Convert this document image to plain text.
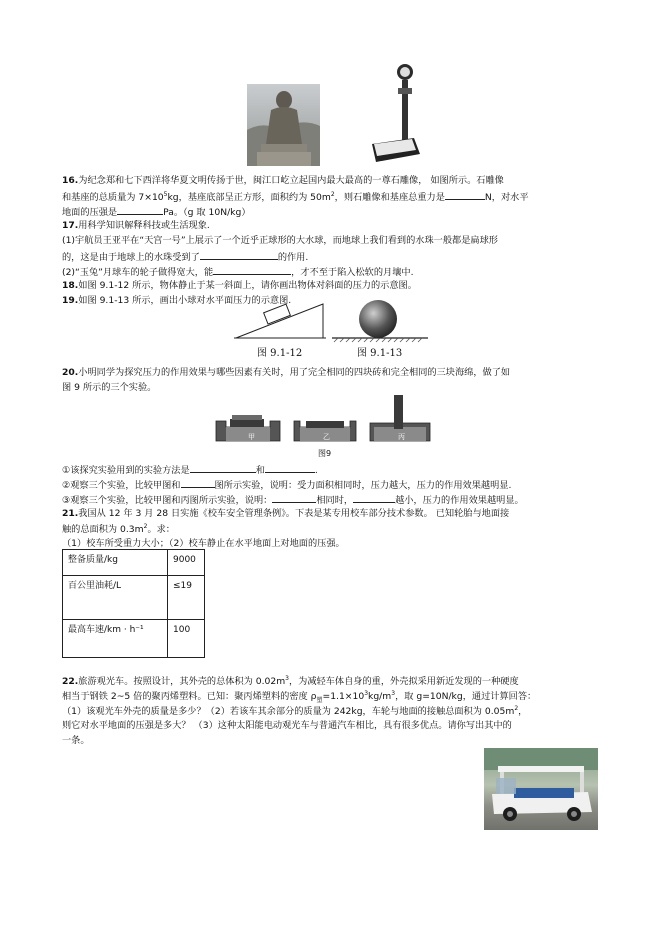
16.为纪念郑和七下西洋将华夏文明传扬于世，闽江口屹立起国内最大最高的一尊石雕像， 如图所示。石雕像
和基座的总质量为 $7\times 10^5kg$，基座底部呈正方形，面积约为 $50m^2$，则石雕像和基座总重力是	N，对水平
地面的压强是	Pa。（g 取 10N/kg）
17.用科学知识解释科技或生活现象.
(1)宇航员王亚平在“天宫一号”上展示了一个近乎正球形的大水球，而地球上我们看到的水珠一般都是扁球形
的，这是由于地球上的水珠受到了	的作用.
(2)“玉兔”月球车的轮子做得宽大，能	，才不至于陷入松软的月壤中.
18.如图 9.1-12 所示，物体静止于某一斜面上，请你画出物体对斜面的压力的示意图。
19.如图 9.1-13 所示，画出小球对水平面压力的示意图.
图 9.1-12	图 9.1-13
20.小明同学为探究压力的作用效果与哪些因素有关时，用了完全相同的四块砖和完全相同的三块海绵，做了如
图 9 所示的三个实验。
甲	乙	丙
图9
①该探究实验用到的实验方法是	和	.
②观察三个实验，比较甲图和	图所示实验，说明：受力面积相同时，压力越大，压力的作用效果越明显.
③观察三个实验，比较甲图和丙图所示实验，说明：	相同时，	越小，压力的作用效果越明显。
21.我国从 12 年 3 月 28 日实施《校车安全管理条例》。下表是某专用校车部分技术参数。 已知轮胎与地面接
触的总面积为 $0.3m^2$。求：
（1）校车所受重力大小；（2）校车静止在水平地面上对地面的压强。
整备质量/kg	9000
百公里油耗/L	≤19
最高车速/km · h⁻¹	100
22.旅游观光车。按照设计，其外壳的总体积为 $0.02m^3$，为减轻车体自身的重，外壳拟采用新近发现的一种硬度
相当于钢铁 2~5 倍的聚丙烯塑料。已知：聚丙烯塑料的密度 $\rho_塑=1.1\times 10^3kg/m^3$，取 g=10N/kg，通过计算回答：
（1）该观光车外壳的质量是多少？（2）若该车其余部分的质量为 242kg，车轮与地面的接触总面积为 $0.05m^2$，
则它对水平地面的压强是多大？ （3）这种太阳能电动观光车与普通汽车相比，具有很多优点。请你写出其中的
一条。
